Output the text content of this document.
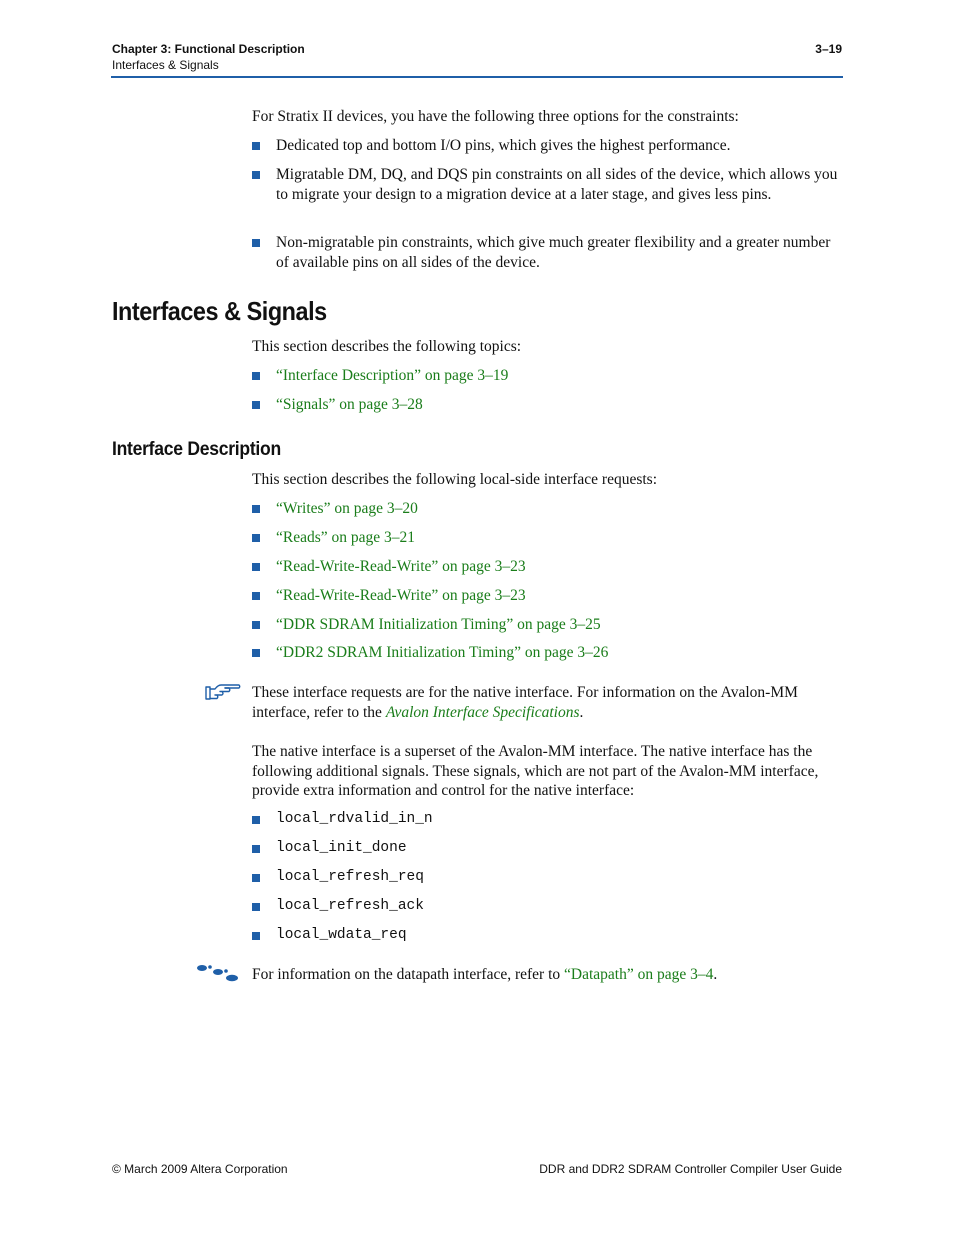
Chapter 3: Functional Description	3–19
Interfaces & Signals
For Stratix II devices, you have the following three options for the constraints:
Dedicated top and bottom I/O pins, which gives the highest performance.
Migratable DM, DQ, and DQS pin constraints on all sides of the device, which allows you to migrate your design to a migration device at a later stage, and gives less pins.
Non-migratable pin constraints, which give much greater flexibility and a greater number of available pins on all sides of the device.
Interfaces & Signals
This section describes the following topics:
“Interface Description” on page 3–19
“Signals” on page 3–28
Interface Description
This section describes the following local-side interface requests:
“Writes” on page 3–20
“Reads” on page 3–21
“Read-Write-Read-Write” on page 3–23
“Read-Write-Read-Write” on page 3–23
“DDR SDRAM Initialization Timing” on page 3–25
“DDR2 SDRAM Initialization Timing” on page 3–26
These interface requests are for the native interface. For information on the Avalon-MM interface, refer to the Avalon Interface Specifications.
The native interface is a superset of the Avalon-MM interface. The native interface has the following additional signals. These signals, which are not part of the Avalon-MM interface, provide extra information and control for the native interface:
local_rdvalid_in_n
local_init_done
local_refresh_req
local_refresh_ack
local_wdata_req
For information on the datapath interface, refer to “Datapath” on page 3–4.
© March 2009 Altera Corporation	DDR and DDR2 SDRAM Controller Compiler User Guide
